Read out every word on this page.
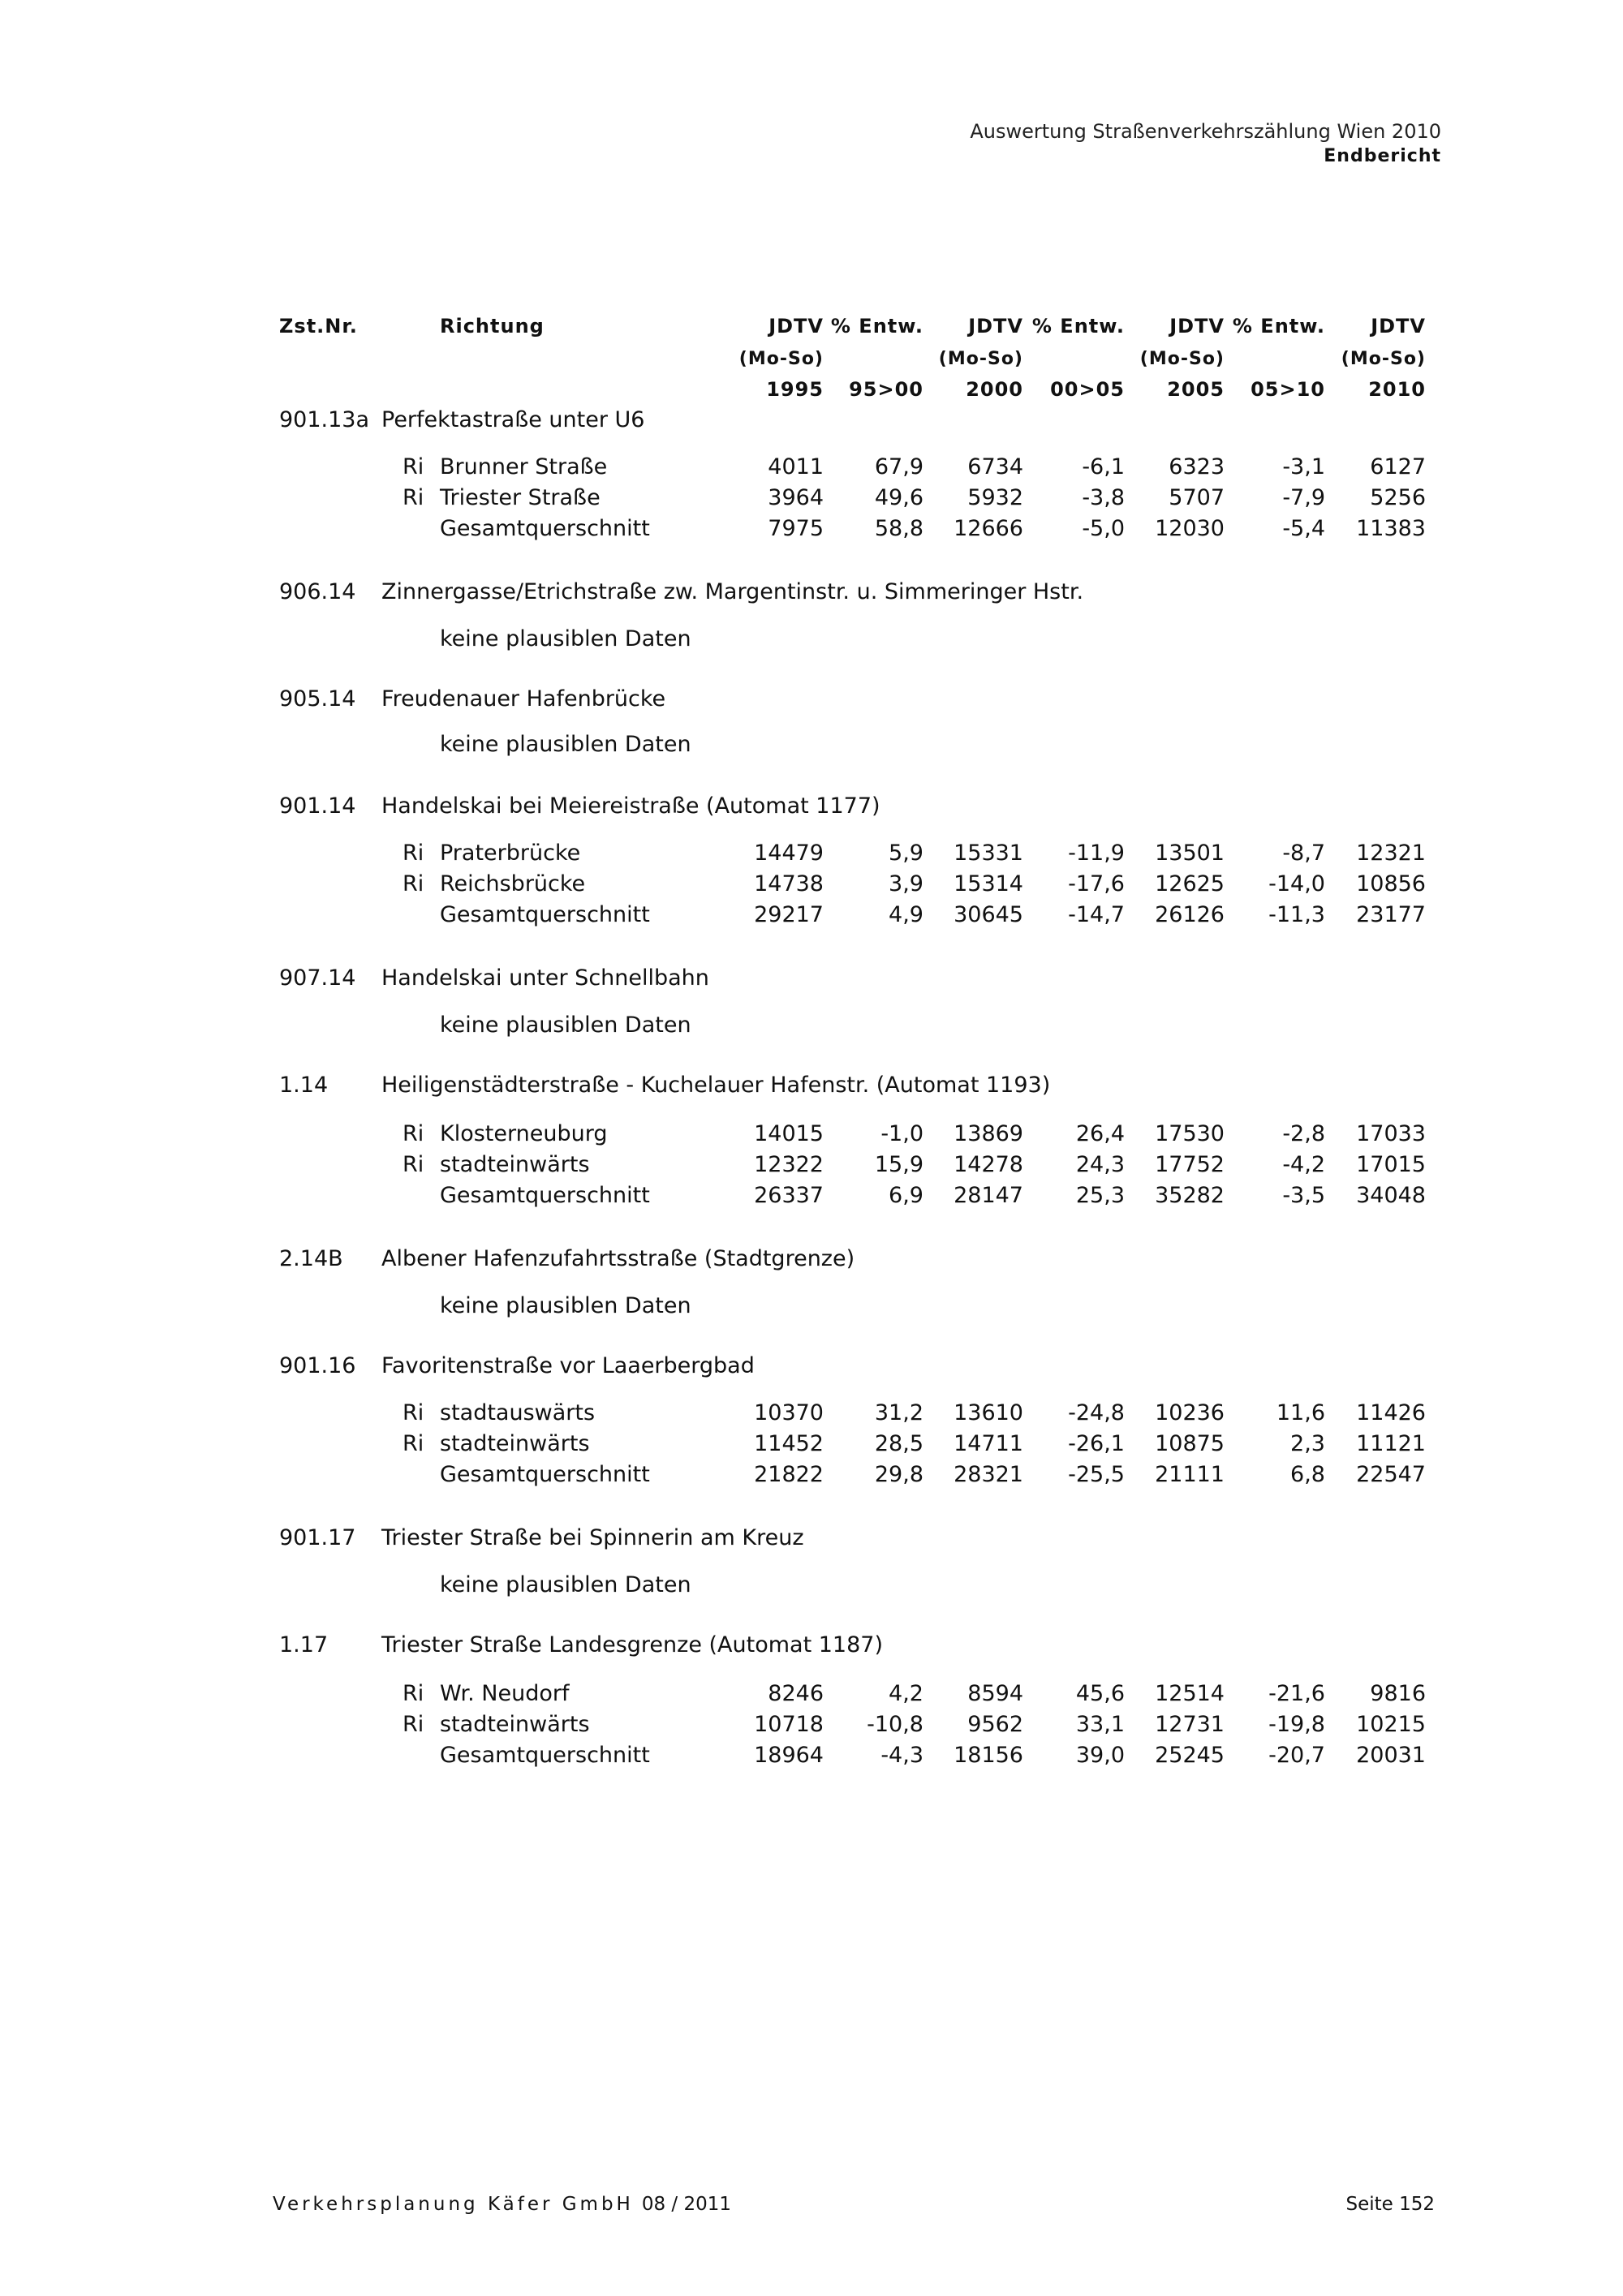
Auswertung Straßenverkehrszählung Wien 2010
Endbericht
Zst.Nr.	Richtung	JDTV % Entw.	JDTV % Entw.	JDTV % Entw.	JDTV
(Mo-So)	(Mo-So)	(Mo-So)	(Mo-So)
1995	95>00	2000	00>05	2005	05>10	2010
901.13a Perfektastraße unter U6
Ri Brunner Straße	4011	67,9	6734	-6,1	6323	-3,1	6127
Ri Triester Straße	3964	49,6	5932	-3,8	5707	-7,9	5256
Gesamtquerschnitt	7975	58,8	12666	-5,0	12030	-5,4	11383
906.14 Zinnergasse/Etrichstraße zw. Margentinstr. u. Simmeringer Hstr.
keine plausiblen Daten
905.14 Freudenauer Hafenbrücke
keine plausiblen Daten
901.14 Handelskai bei Meiereistraße (Automat 1177)
Ri Praterbrücke	14479	5,9	15331	-11,9	13501	-8,7	12321
Ri Reichsbrücke	14738	3,9	15314	-17,6	12625	-14,0	10856
Gesamtquerschnitt	29217	4,9	30645	-14,7	26126	-11,3	23177
907.14 Handelskai unter Schnellbahn
keine plausiblen Daten
1.14 Heiligenstädterstraße - Kuchelauer Hafenstr. (Automat 1193)
Ri Klosterneuburg	14015	-1,0	13869	26,4	17530	-2,8	17033
Ri stadteinwärts	12322	15,9	14278	24,3	17752	-4,2	17015
Gesamtquerschnitt	26337	6,9	28147	25,3	35282	-3,5	34048
2.14B Albener Hafenzufahrtsstraße (Stadtgrenze)
keine plausiblen Daten
901.16 Favoritenstraße vor Laaerbergbad
Ri stadtauswärts	10370	31,2	13610	-24,8	10236	11,6	11426
Ri stadteinwärts	11452	28,5	14711	-26,1	10875	2,3	11121
Gesamtquerschnitt	21822	29,8	28321	-25,5	21111	6,8	22547
901.17 Triester Straße bei Spinnerin am Kreuz
keine plausiblen Daten
1.17 Triester Straße Landesgrenze (Automat 1187)
Ri Wr. Neudorf	8246	4,2	8594	45,6	12514	-21,6	9816
Ri stadteinwärts	10718	-10,8	9562	33,1	12731	-19,8	10215
Gesamtquerschnitt	18964	-4,3	18156	39,0	25245	-20,7	20031
Verkehrsplanung Käfer GmbH 08 / 2011	Seite 152
